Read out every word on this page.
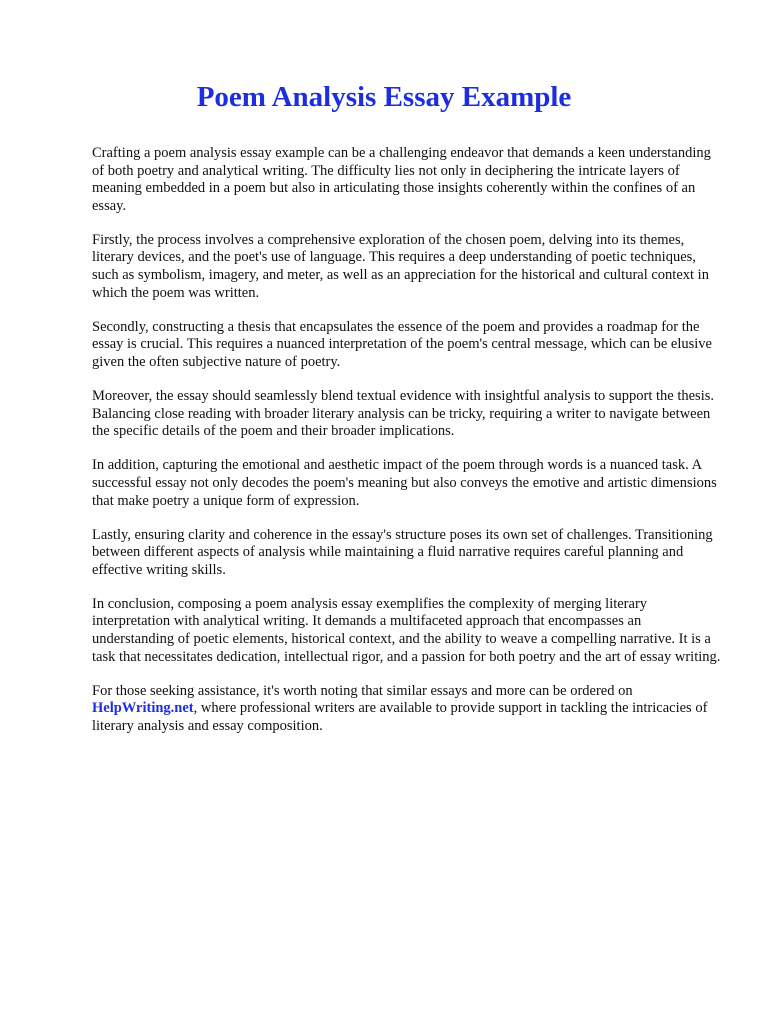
Poem Analysis Essay Example

Crafting a poem analysis essay example can be a challenging endeavor that demands a keen understanding of both poetry and analytical writing. The difficulty lies not only in deciphering the intricate layers of meaning embedded in a poem but also in articulating those insights coherently within the confines of an essay.

Firstly, the process involves a comprehensive exploration of the chosen poem, delving into its themes, literary devices, and the poet's use of language. This requires a deep understanding of poetic techniques, such as symbolism, imagery, and meter, as well as an appreciation for the historical and cultural context in which the poem was written.

Secondly, constructing a thesis that encapsulates the essence of the poem and provides a roadmap for the essay is crucial. This requires a nuanced interpretation of the poem's central message, which can be elusive given the often subjective nature of poetry.

Moreover, the essay should seamlessly blend textual evidence with insightful analysis to support the thesis. Balancing close reading with broader literary analysis can be tricky, requiring a writer to navigate between the specific details of the poem and their broader implications.

In addition, capturing the emotional and aesthetic impact of the poem through words is a nuanced task. A successful essay not only decodes the poem's meaning but also conveys the emotive and artistic dimensions that make poetry a unique form of expression.

Lastly, ensuring clarity and coherence in the essay's structure poses its own set of challenges. Transitioning between different aspects of analysis while maintaining a fluid narrative requires careful planning and effective writing skills.

In conclusion, composing a poem analysis essay exemplifies the complexity of merging literary interpretation with analytical writing. It demands a multifaceted approach that encompasses an understanding of poetic elements, historical context, and the ability to weave a compelling narrative. It is a task that necessitates dedication, intellectual rigor, and a passion for both poetry and the art of essay writing.

For those seeking assistance, it's worth noting that similar essays and more can be ordered on HelpWriting.net, where professional writers are available to provide support in tackling the intricacies of literary analysis and essay composition.
